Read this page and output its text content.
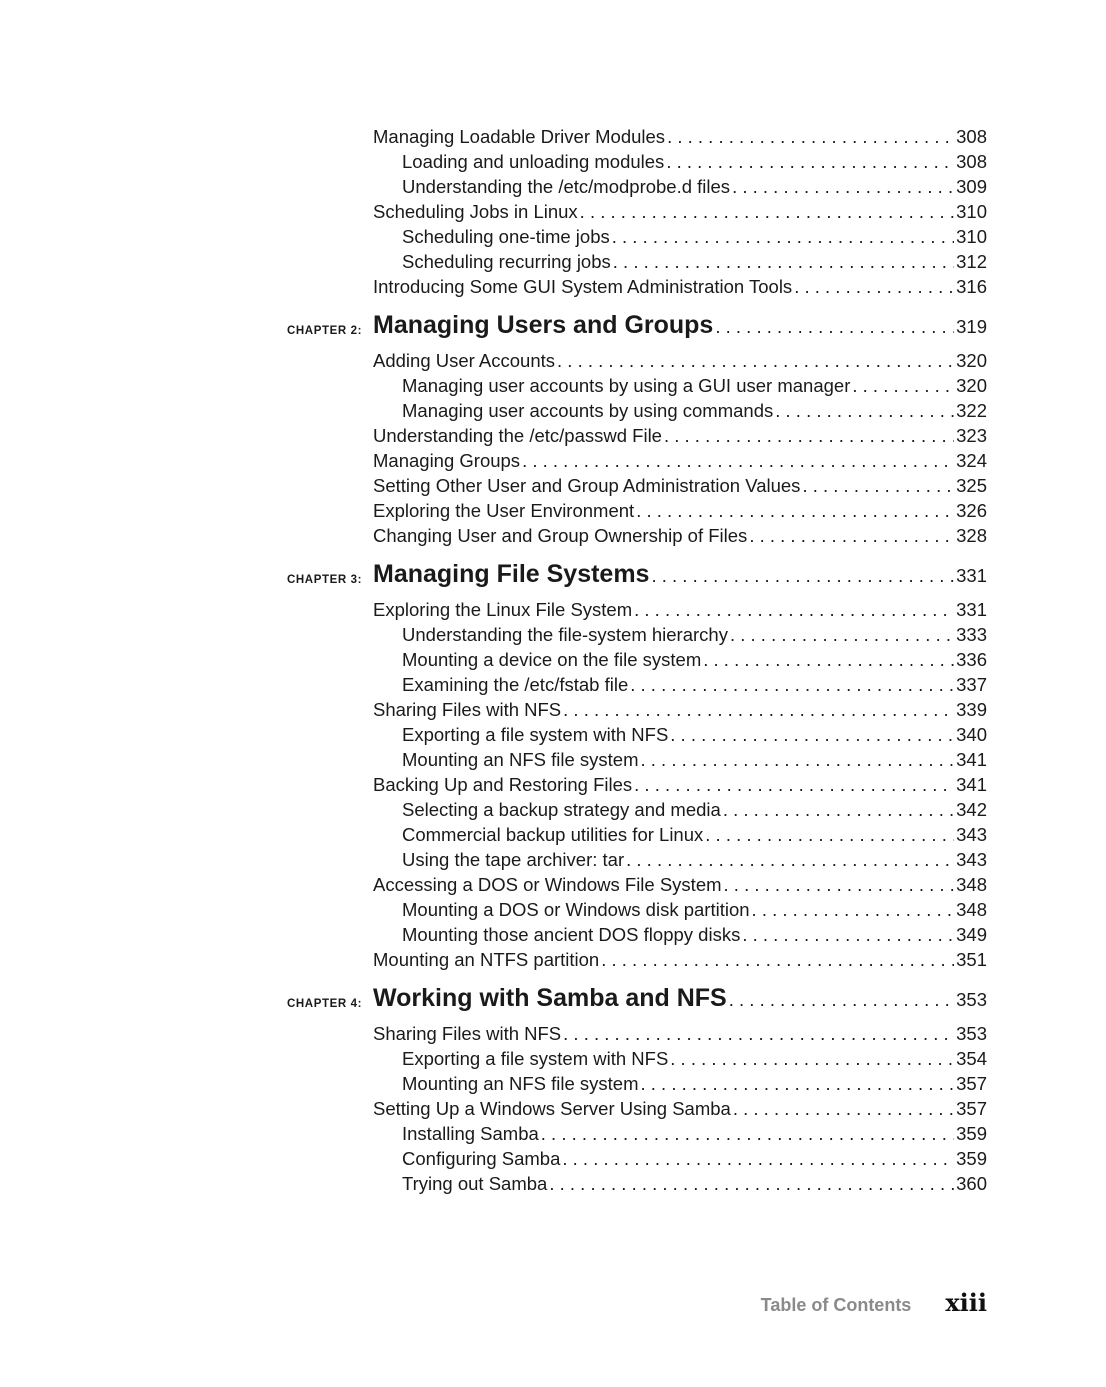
Managing Loadable Driver Modules . . .	308
Loading and unloading modules . . .	308
Understanding the /etc/modprobe.d files . . .	309
Scheduling Jobs in Linux . . .	310
Scheduling one-time jobs . . .	310
Scheduling recurring jobs . . .	312
Introducing Some GUI System Administration Tools . . .	316
CHAPTER 2: Managing Users and Groups . . .	319
Adding User Accounts . . .	320
Managing user accounts by using a GUI user manager . . .	320
Managing user accounts by using commands . . .	322
Understanding the /etc/passwd File . . .	323
Managing Groups . . .	324
Setting Other User and Group Administration Values . . .	325
Exploring the User Environment . . .	326
Changing User and Group Ownership of Files . . .	328
CHAPTER 3: Managing File Systems . . .	331
Exploring the Linux File System . . .	331
Understanding the file-system hierarchy . . .	333
Mounting a device on the file system . . .	336
Examining the /etc/fstab file . . .	337
Sharing Files with NFS . . .	339
Exporting a file system with NFS . . .	340
Mounting an NFS file system . . .	341
Backing Up and Restoring Files . . .	341
Selecting a backup strategy and media . . .	342
Commercial backup utilities for Linux . . .	343
Using the tape archiver: tar . . .	343
Accessing a DOS or Windows File System . . .	348
Mounting a DOS or Windows disk partition . . .	348
Mounting those ancient DOS floppy disks . . .	349
Mounting an NTFS partition . . .	351
CHAPTER 4: Working with Samba and NFS . . .	353
Sharing Files with NFS . . .	353
Exporting a file system with NFS . . .	354
Mounting an NFS file system . . .	357
Setting Up a Windows Server Using Samba . . .	357
Installing Samba . . .	359
Configuring Samba . . .	359
Trying out Samba . . .	360
Table of Contents xiii
